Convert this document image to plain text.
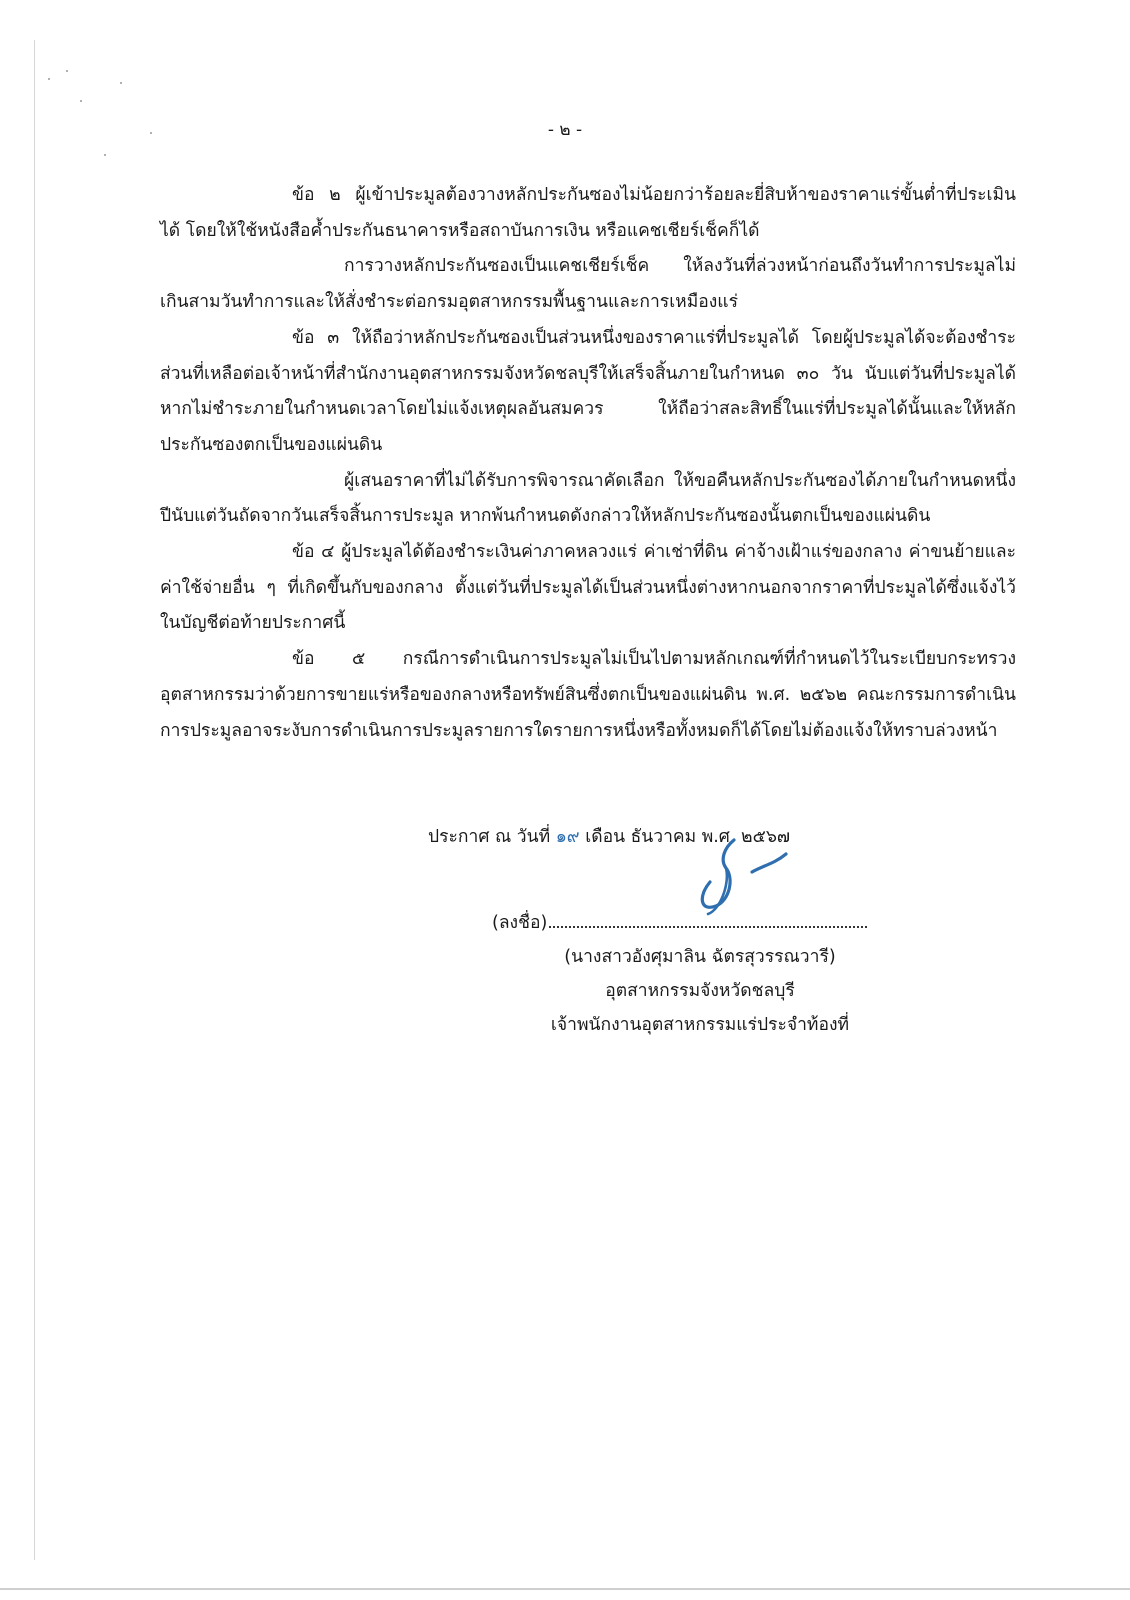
- ๒ -

ข้อ ๒ ผู้เข้าประมูลต้องวางหลักประกันซองไม่น้อยกว่าร้อยละยี่สิบห้าของราคาแร่ขั้นต่ำที่ประเมินได้ โดยให้ใช้หนังสือค้ำประกันธนาคารหรือสถาบันการเงิน หรือแคชเชียร์เช็คก็ได้

การวางหลักประกันซองเป็นแคชเชียร์เช็ค ให้ลงวันที่ล่วงหน้าก่อนถึงวันทำการประมูลไม่เกินสามวันทำการและให้สั่งชำระต่อกรมอุตสาหกรรมพื้นฐานและการเหมืองแร่

ข้อ ๓ ให้ถือว่าหลักประกันซองเป็นส่วนหนึ่งของราคาแร่ที่ประมูลได้ โดยผู้ประมูลได้จะต้องชำระส่วนที่เหลือต่อเจ้าหน้าที่สำนักงานอุตสาหกรรมจังหวัดชลบุรีให้เสร็จสิ้นภายในกำหนด ๓๐ วัน นับแต่วันที่ประมูลได้ หากไม่ชำระภายในกำหนดเวลาโดยไม่แจ้งเหตุผลอันสมควร ให้ถือว่าสละสิทธิ์ในแร่ที่ประมูลได้นั้นและให้หลักประกันซองตกเป็นของแผ่นดิน

ผู้เสนอราคาที่ไม่ได้รับการพิจารณาคัดเลือก ให้ขอคืนหลักประกันซองได้ภายในกำหนดหนึ่งปีนับแต่วันถัดจากวันเสร็จสิ้นการประมูล หากพ้นกำหนดดังกล่าวให้หลักประกันซองนั้นตกเป็นของแผ่นดิน

ข้อ ๔ ผู้ประมูลได้ต้องชำระเงินค่าภาคหลวงแร่ ค่าเช่าที่ดิน ค่าจ้างเฝ้าแร่ของกลาง ค่าขนย้ายและค่าใช้จ่ายอื่น ๆ ที่เกิดขึ้นกับของกลาง ตั้งแต่วันที่ประมูลได้เป็นส่วนหนึ่งต่างหากนอกจากราคาที่ประมูลได้ซึ่งแจ้งไว้ในบัญชีต่อท้ายประกาศนี้

ข้อ ๕ กรณีการดำเนินการประมูลไม่เป็นไปตามหลักเกณฑ์ที่กำหนดไว้ในระเบียบกระทรวงอุตสาหกรรมว่าด้วยการขายแร่หรือของกลางหรือทรัพย์สินซึ่งตกเป็นของแผ่นดิน พ.ศ. ๒๕๖๒ คณะกรรมการดำเนินการประมูลอาจระงับการดำเนินการประมูลรายการใดรายการหนึ่งหรือทั้งหมดก็ได้โดยไม่ต้องแจ้งให้ทราบล่วงหน้า

ประกาศ ณ วันที่ ๑๙ เดือน ธันวาคม พ.ศ. ๒๕๖๗
(ลงชื่อ)
(นางสาวอังศุมาลิน ฉัตรสุวรรณวารี)
อุตสาหกรรมจังหวัดชลบุรี
เจ้าพนักงานอุตสาหกรรมแร่ประจำท้องที่
